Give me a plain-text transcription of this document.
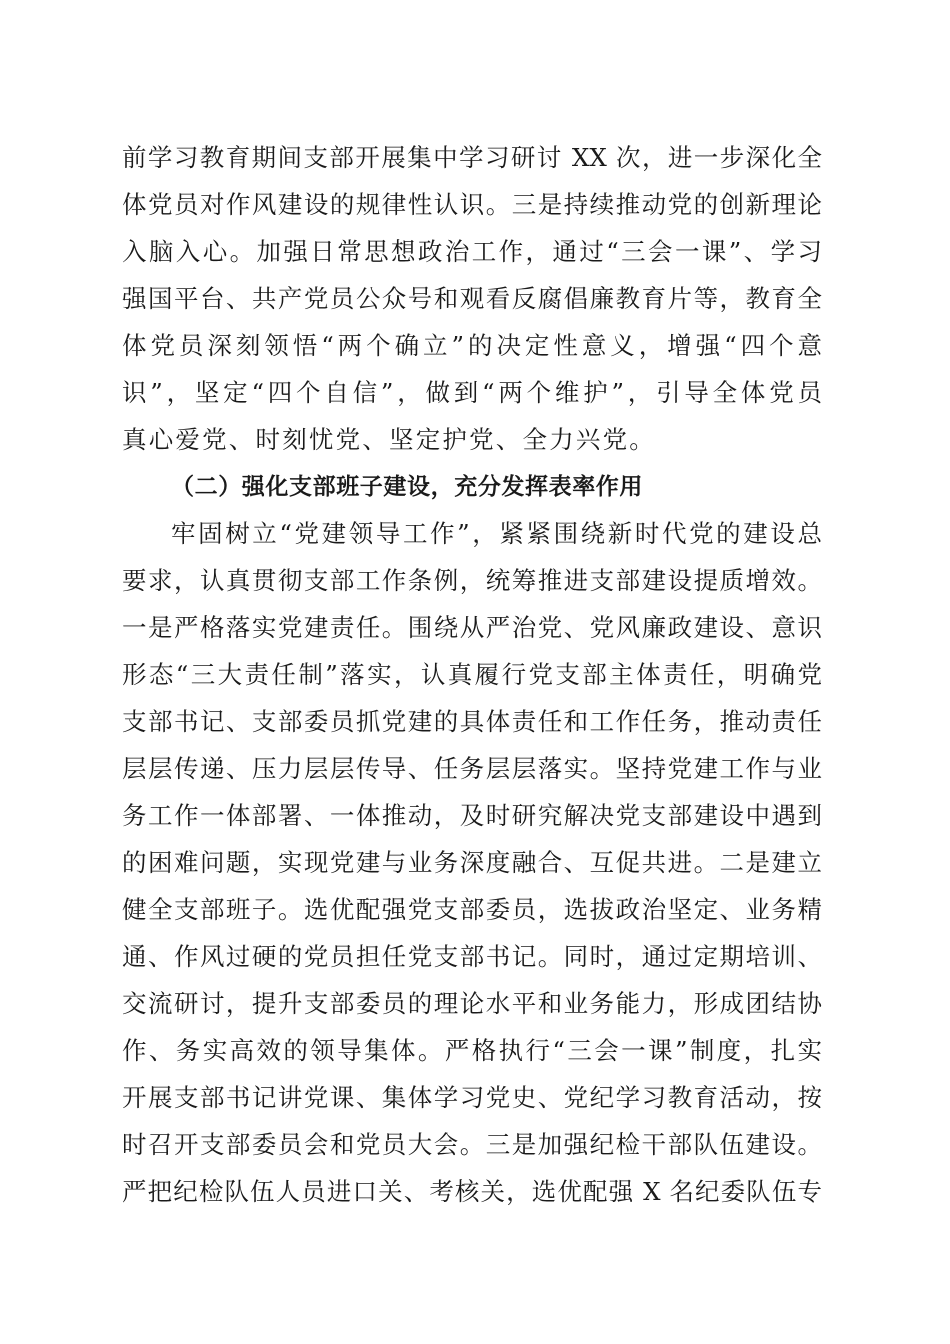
前学习教育期间支部开展集中学习研讨 XX 次，进一步深化全
体党员对作风建设的规律性认识。三是持续推动党的创新理论
入脑入心。加强日常思想政治工作，通过“三会一课”、学习
强国平台、共产党员公众号和观看反腐倡廉教育片等，教育全
体党员深刻领悟“两个确立”的决定性意义，增强“四个意
识”，坚定“四个自信”，做到“两个维护”，引导全体党员
真心爱党、时刻忧党、坚定护党、全力兴党。
（二）强化支部班子建设，充分发挥表率作用
牢固树立“党建领导工作”，紧紧围绕新时代党的建设总
要求，认真贯彻支部工作条例，统筹推进支部建设提质增效。
一是严格落实党建责任。围绕从严治党、党风廉政建设、意识
形态“三大责任制”落实，认真履行党支部主体责任，明确党
支部书记、支部委员抓党建的具体责任和工作任务，推动责任
层层传递、压力层层传导、任务层层落实。坚持党建工作与业
务工作一体部署、一体推动，及时研究解决党支部建设中遇到
的困难问题，实现党建与业务深度融合、互促共进。二是建立
健全支部班子。选优配强党支部委员，选拔政治坚定、业务精
通、作风过硬的党员担任党支部书记。同时，通过定期培训、
交流研讨，提升支部委员的理论水平和业务能力，形成团结协
作、务实高效的领导集体。严格执行“三会一课”制度，扎实
开展支部书记讲党课、集体学习党史、党纪学习教育活动，按
时召开支部委员会和党员大会。三是加强纪检干部队伍建设。
严把纪检队伍人员进口关、考核关，选优配强 X 名纪委队伍专
